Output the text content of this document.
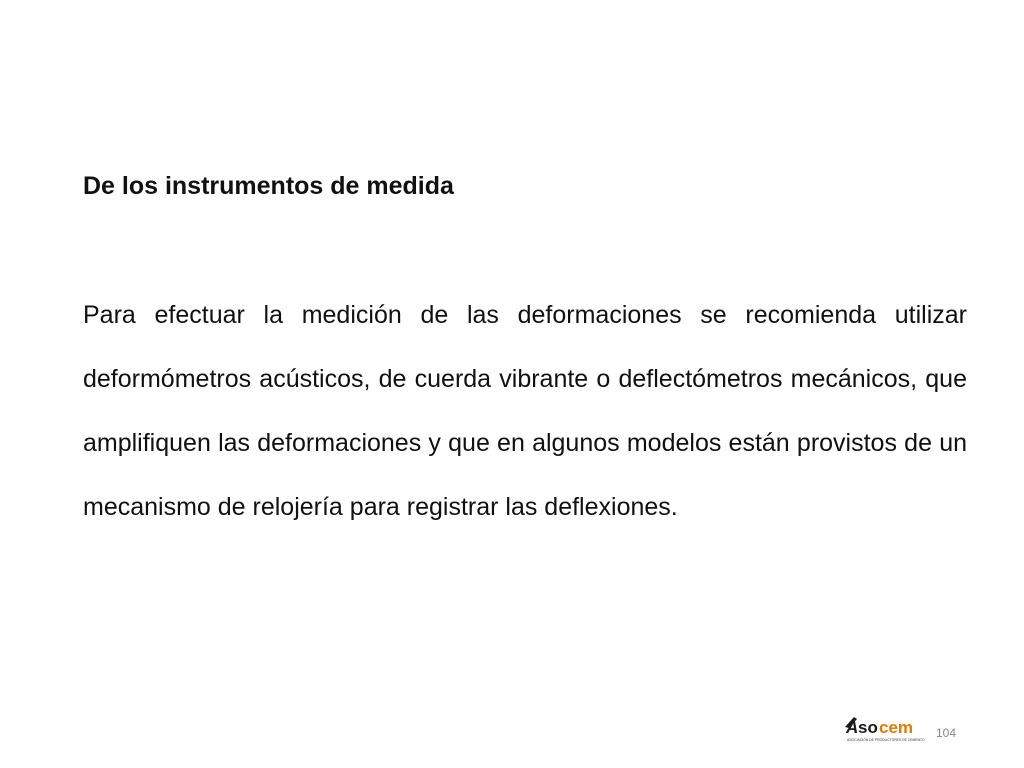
De los instrumentos de medida

Para efectuar la medición de las deformaciones se recomienda utilizar deformómetros acústicos, de cuerda vibrante o deflectómetros mecánicos, que amplifiquen las deformaciones y que en algunos modelos están provistos de un mecanismo de relojería para registrar las deflexiones.

A so cem
ASOCIACIÓN DE PRODUCTORES DE CEMENTO 104
